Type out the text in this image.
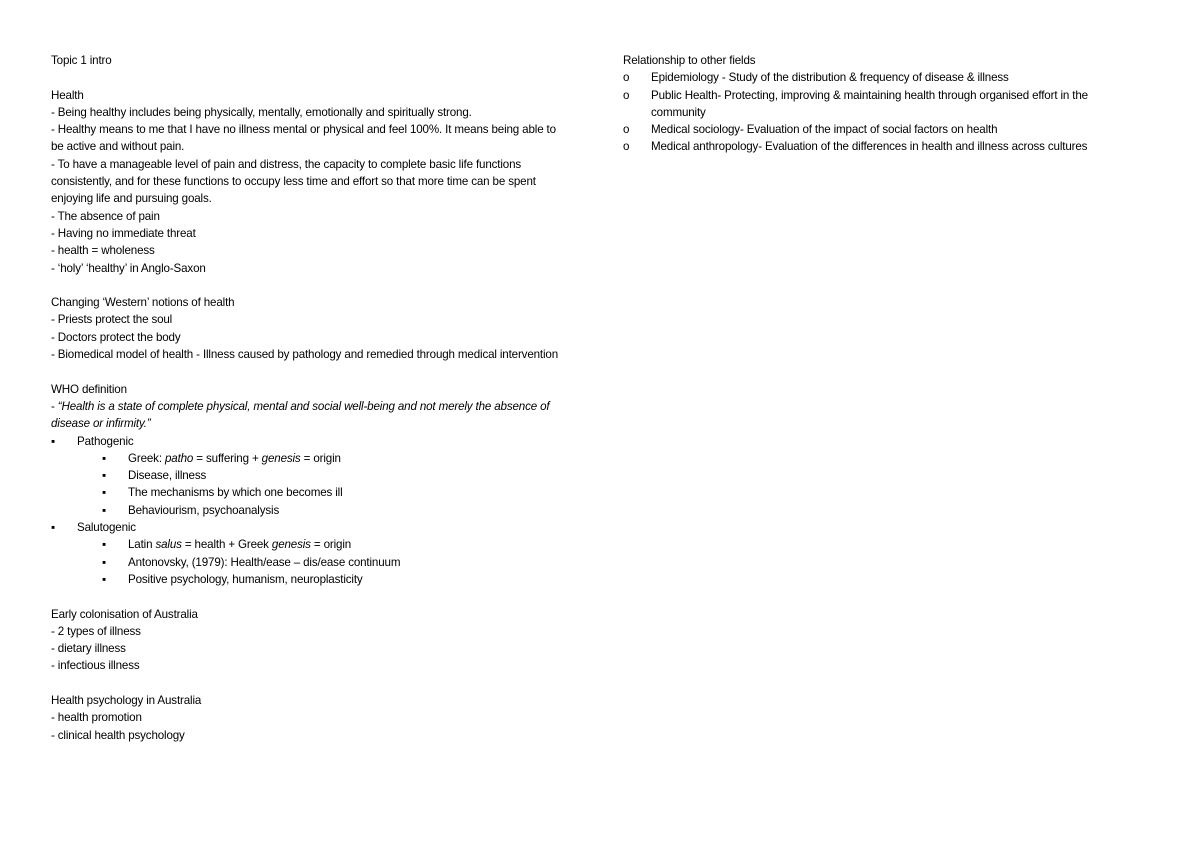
Topic 1 intro
Health
- Being healthy includes being physically, mentally, emotionally and spiritually strong.
- Healthy means to me that I have no illness mental or physical and feel 100%. It means being able to be active and without pain.
- To have a manageable level of pain and distress, the capacity to complete basic life functions consistently, and for these functions to occupy less time and effort so that more time can be spent enjoying life and pursuing goals.
- The absence of pain
- Having no immediate threat
- health = wholeness
- ‘holy’ ‘healthy’ in Anglo-Saxon
Changing ‘Western’ notions of health
- Priests protect the soul
- Doctors protect the body
- Biomedical model of health - Illness caused by pathology and remedied through medical intervention
WHO definition
- “Health is a state of complete physical, mental and social well-being and not merely the absence of disease or infirmity.”
▪	Pathogenic
▪	Greek: patho = suffering + genesis = origin
▪	Disease, illness
▪	The mechanisms by which one becomes ill
▪	Behaviourism, psychoanalysis
▪	Salutogenic
▪	Latin salus = health + Greek genesis = origin
▪	Antonovsky, (1979): Health/ease – dis/ease continuum
▪	Positive psychology, humanism, neuroplasticity
Early colonisation of Australia
- 2 types of illness
- dietary illness
- infectious illness
Health psychology in Australia
- health promotion
- clinical health psychology
Relationship to other fields
o	Epidemiology - Study of the distribution & frequency of disease & illness
o	Public Health- Protecting, improving & maintaining health through organised effort in the community
o	Medical sociology- Evaluation of the impact of social factors on health
o	Medical anthropology- Evaluation of the differences in health and illness across cultures
